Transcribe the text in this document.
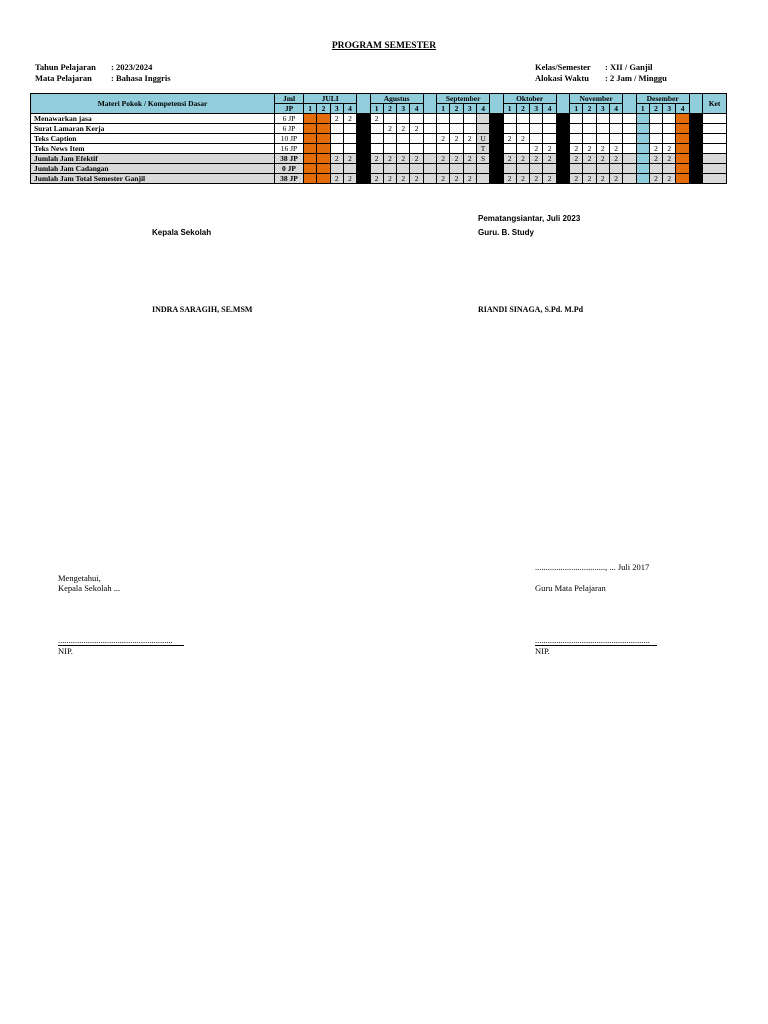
PROGRAM SEMESTER
Tahun Pelajaran : 2023/2024
Mata Pelajaran : Bahasa Inggris
Kelas/Semester : XII / Ganjil
Alokasi Waktu : 2 Jam / Minggu
Materi Pokok / Kompetensi Dasar	Jml	JULI					Agustus					September					Oktober					November					Desember					Ket
	JP	1	2	3	4		1	2	3	4		1	2	3	4		1	2	3	4		1	2	3	4		1	2	3	4		
Menawarkan jasa	6 JP			2	2		2																									
Surat Lamaran Kerja	6 JP							2	2	2																						
Teks Caption	10 JP											2	2	2	U		2	2														
Teks News Item	16 JP														T				2	2		2	2	2	2			2	2			
Jumlah Jam Efektif	38 JP			2	2		2	2	2	2		2	2	2	S		2	2	2	2		2	2	2	2			2	2			
Jumlah Jam Cadangan	0 JP																															
Jumlah Jam Total Semester Ganjil	38 JP			2	2		2	2	2	2		2	2	2			2	2	2	2		2	2	2	2			2	2			
Pematangsiantar, Juli 2023
Kepala Sekolah	Guru. B. Study
INDRA SARAGIH, SE.MSM	RIANDI SINAGA, S.Pd. M.Pd
Mengetahui,
Kepala Sekolah ...
................................., ... Juli 2017
Guru Mata Pelajaran
......................................................
NIP.
......................................................
NIP.
